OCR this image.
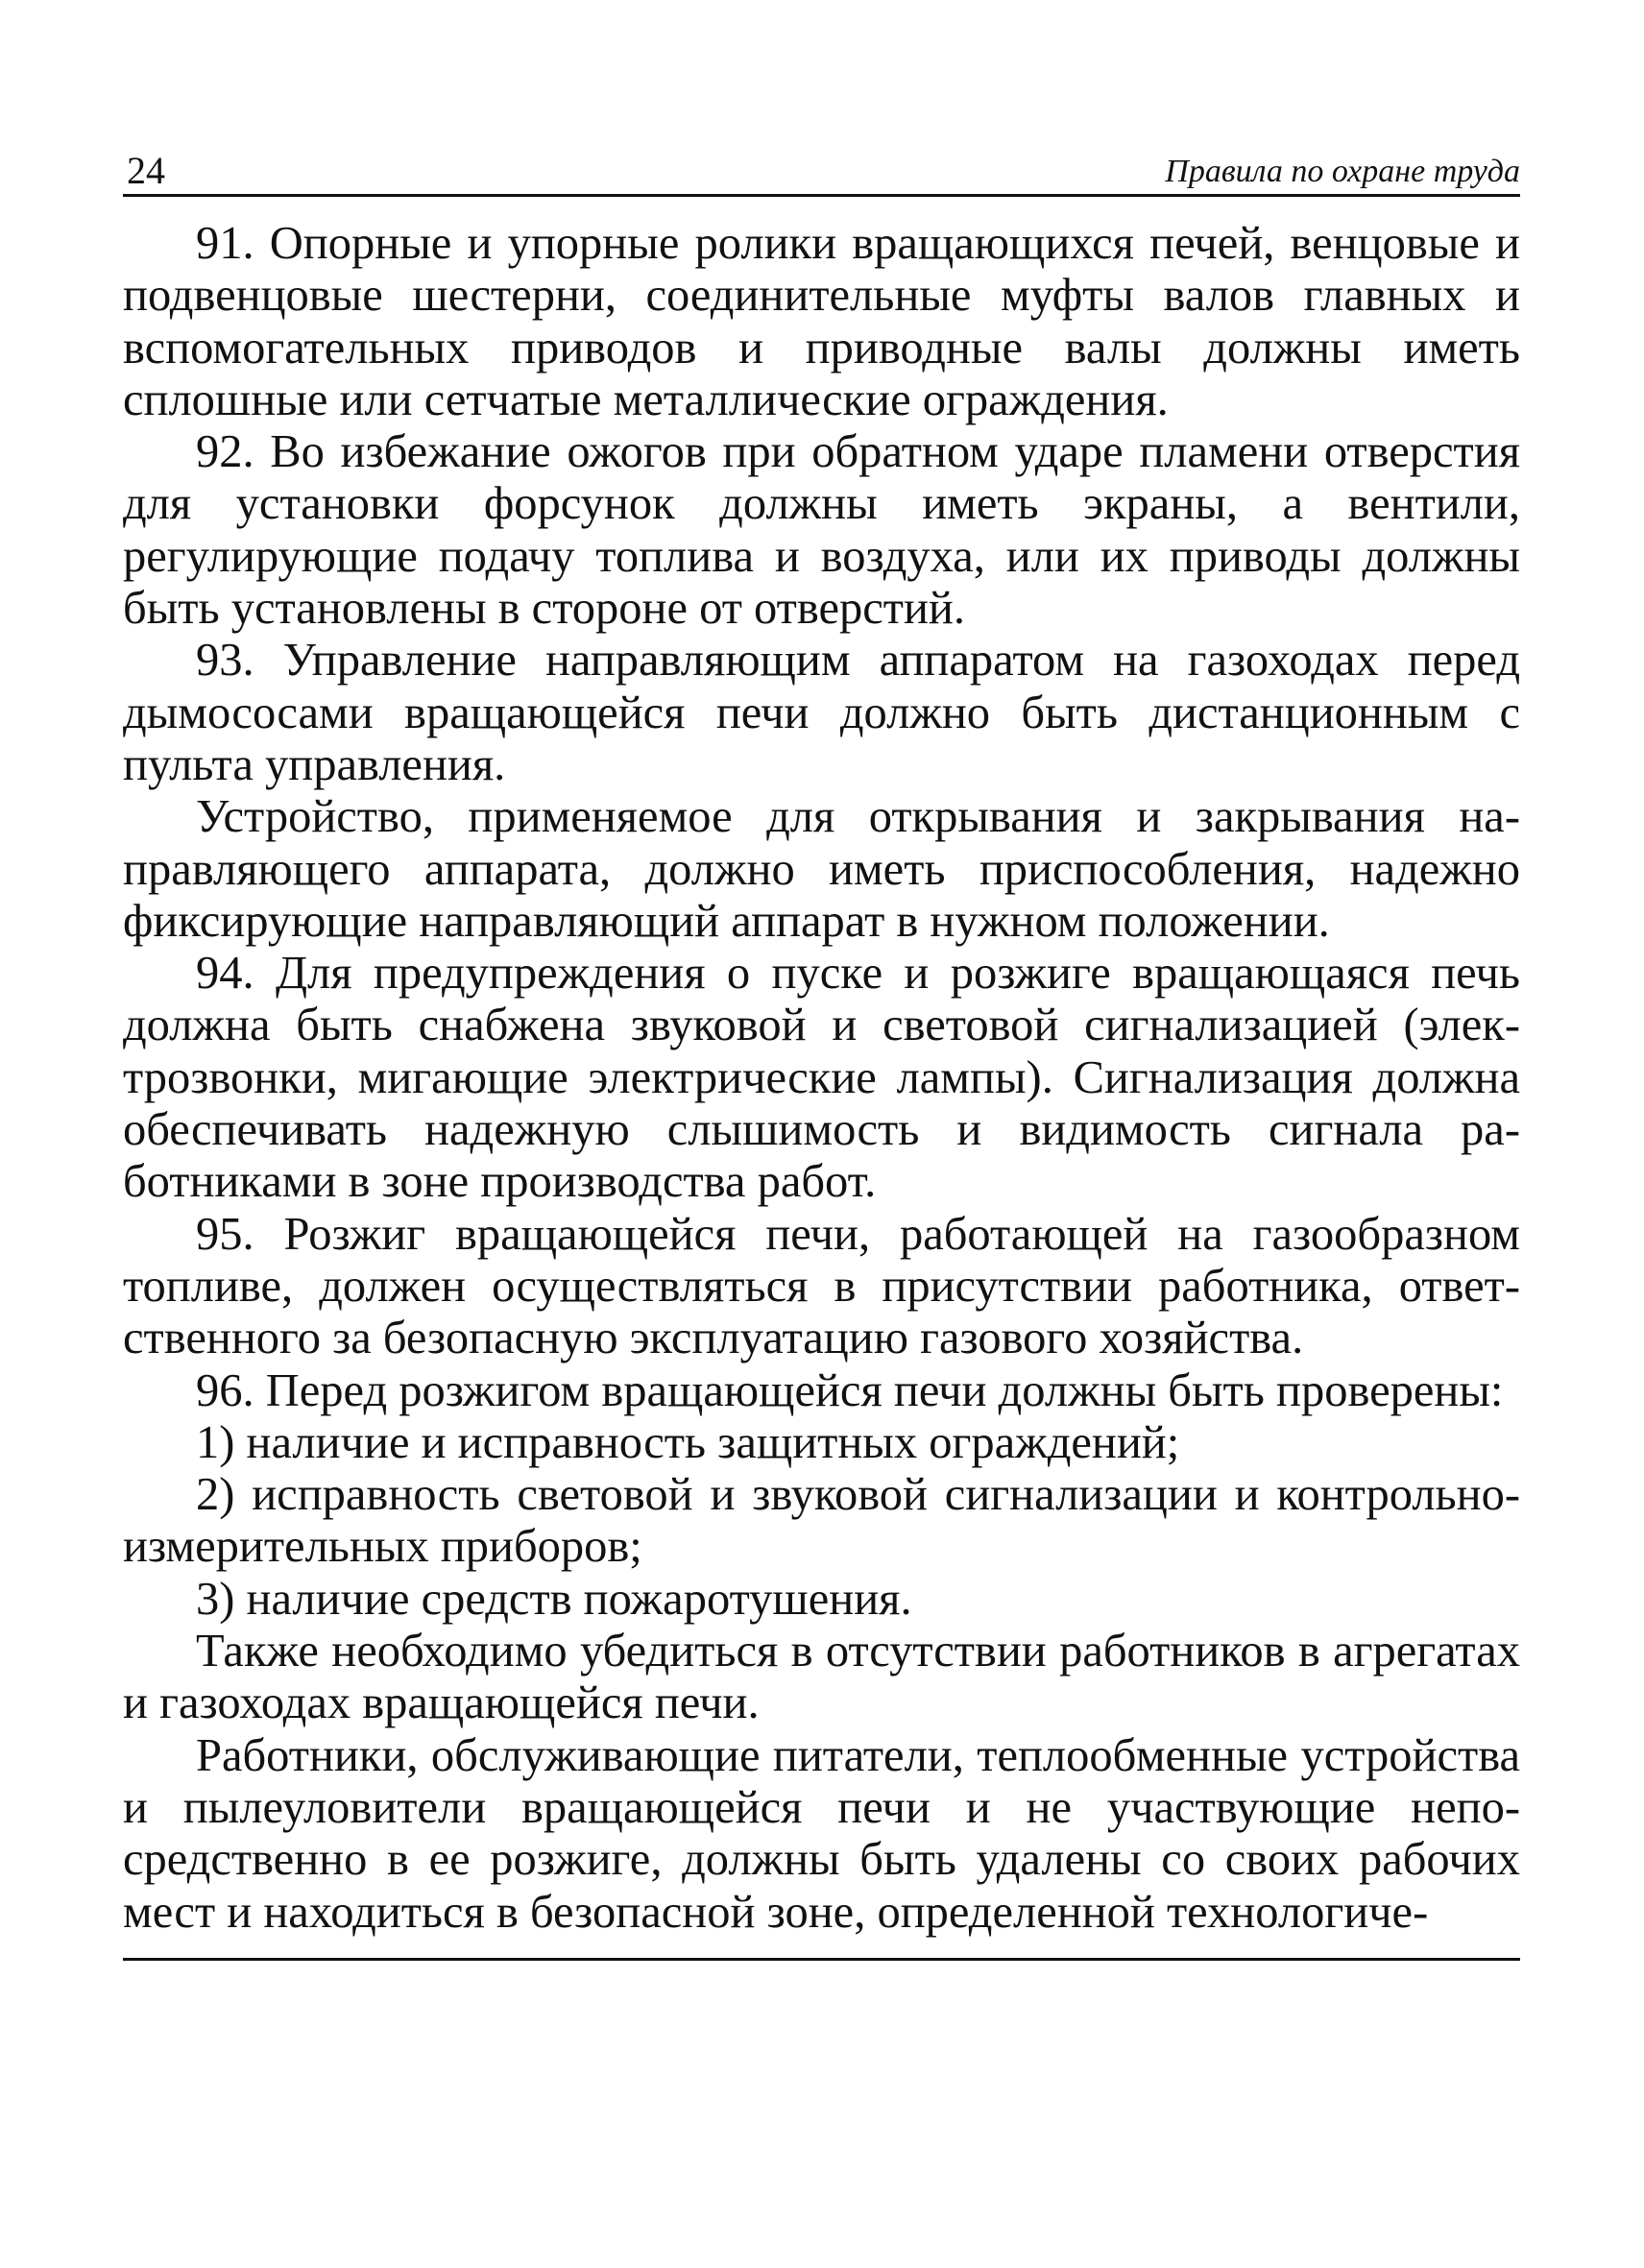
24	Правила по охране труда

91. Опорные и упорные ролики вращающихся печей, венцовые и подвенцовые шестерни, соединительные муфты валов главных и вспомогательных приводов и приводные валы должны иметь сплошные или сетчатые металлические ограждения.

92. Во избежание ожогов при обратном ударе пламени отверстия для установки форсунок должны иметь экраны, а вентили, регулирующие подачу топлива и воздуха, или их приводы должны быть установлены в стороне от отверстий.

93. Управление направляющим аппаратом на газоходах перед дымососами вращающейся печи должно быть дистанционным с пульта управления.

Устройство, применяемое для открывания и закрывания направляющего аппарата, должно иметь приспособления, надежно фиксирующие направляющий аппарат в нужном положении.

94. Для предупреждения о пуске и розжиге вращающаяся печь должна быть снабжена звуковой и световой сигнализацией (электрозвонки, мигающие электрические лампы). Сигнализация должна обеспечивать надежную слышимость и видимость сигнала работниками в зоне производства работ.

95. Розжиг вращающейся печи, работающей на газообразном топливе, должен осуществляться в присутствии работника, ответственного за безопасную эксплуатацию газового хозяйства.

96. Перед розжигом вращающейся печи должны быть проверены:

1) наличие и исправность защитных ограждений;

2) исправность световой и звуковой сигнализации и контрольно-измерительных приборов;

3) наличие средств пожаротушения.

Также необходимо убедиться в отсутствии работников в агрегатах и газоходах вращающейся печи.

Работники, обслуживающие питатели, теплообменные устройства и пылеуловители вращающейся печи и не участвующие непосредственно в ее розжиге, должны быть удалены со своих рабочих мест и находиться в безопасной зоне, определенной технологиче-
